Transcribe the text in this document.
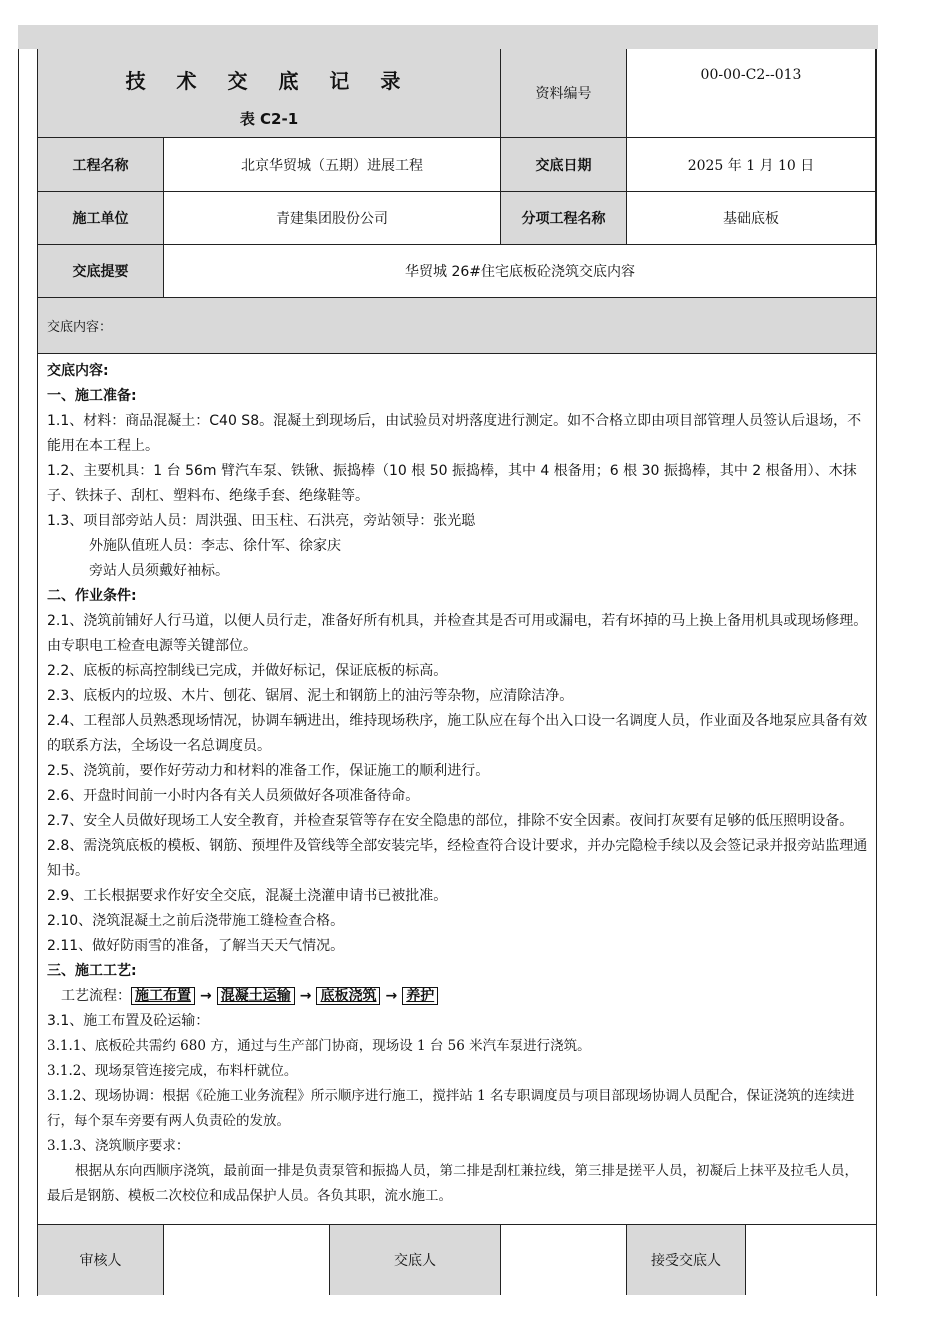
技 术 交 底 记 录
表 C2-1
资料编号
00-00-C2--013
工程名称	北京华贸城（五期）进展工程	交底日期	2025 年 1 月 10 日
施工单位	青建集团股份公司	分项工程名称	基础底板
交底提要	华贸城 26#住宅底板砼浇筑交底内容
交底内容：

交底内容:

一、施工准备:

1.1、材料：商品混凝土：C40 S8。混凝土到现场后，由试验员对坍落度进行测定。如不合格立即由项目部管理人员签认后退场，不能用在本工程上。

1.2、主要机具：1 台 56m 臂汽车泵、铁锹、振捣棒（10 根 50 振捣棒，其中 4 根备用；6 根 30 振捣棒，其中 2 根备用）、木抹子、铁抹子、刮杠、塑料布、绝缘手套、绝缘鞋等。

1.3、项目部旁站人员：周洪强、田玉柱、石洪亮，旁站领导：张光聪

外施队值班人员：李志、徐什军、徐家庆

旁站人员须戴好袖标。

二、作业条件:

2.1、浇筑前铺好人行马道，以便人员行走，准备好所有机具，并检查其是否可用或漏电，若有坏掉的马上换上备用机具或现场修理。由专职电工检查电源等关键部位。

2.2、底板的标高控制线已完成，并做好标记，保证底板的标高。

2.3、底板内的垃圾、木片、刨花、锯屑、泥土和钢筋上的油污等杂物，应清除洁净。

2.4、工程部人员熟悉现场情况，协调车辆进出，维持现场秩序，施工队应在每个出入口设一名调度人员，作业面及各地泵应具备有效的联系方法，全场设一名总调度员。

2.5、浇筑前，要作好劳动力和材料的准备工作，保证施工的顺利进行。

2.6、开盘时间前一小时内各有关人员须做好各项准备待命。

2.7、安全人员做好现场工人安全教育，并检查泵管等存在安全隐患的部位，排除不安全因素。夜间打灰要有足够的低压照明设备。

2.8、需浇筑底板的模板、钢筋、预埋件及管线等全部安装完毕，经检查符合设计要求，并办完隐检手续以及会签记录并报旁站监理通知书。

2.9、工长根据要求作好安全交底，混凝土浇灌申请书已被批准。

2.10、浇筑混凝土之前后浇带施工缝检查合格。

2.11、做好防雨雪的准备，了解当天天气情况。

三、施工工艺:

工艺流程： 施工布置 → 混凝土运输 → 底板浇筑 → 养护

3.1、施工布置及砼运输：

3.1.1、底板砼共需约 680 方，通过与生产部门协商，现场设 1 台 56 米汽车泵进行浇筑。

3.1.2、现场泵管连接完成，布料杆就位。

3.1.2、现场协调：根据《砼施工业务流程》所示顺序进行施工，搅拌站 1 名专职调度员与项目部现场协调人员配合，保证浇筑的连续进行，每个泵车旁要有两人负责砼的发放。

3.1.3、浇筑顺序要求：

根据从东向西顺序浇筑，最前面一排是负责泵管和振捣人员，第二排是刮杠兼拉线，第三排是搓平人员，初凝后上抹平及拉毛人员，最后是钢筋、模板二次校位和成品保护人员。各负其职，流水施工。

审核人	交底人	接受交底人
